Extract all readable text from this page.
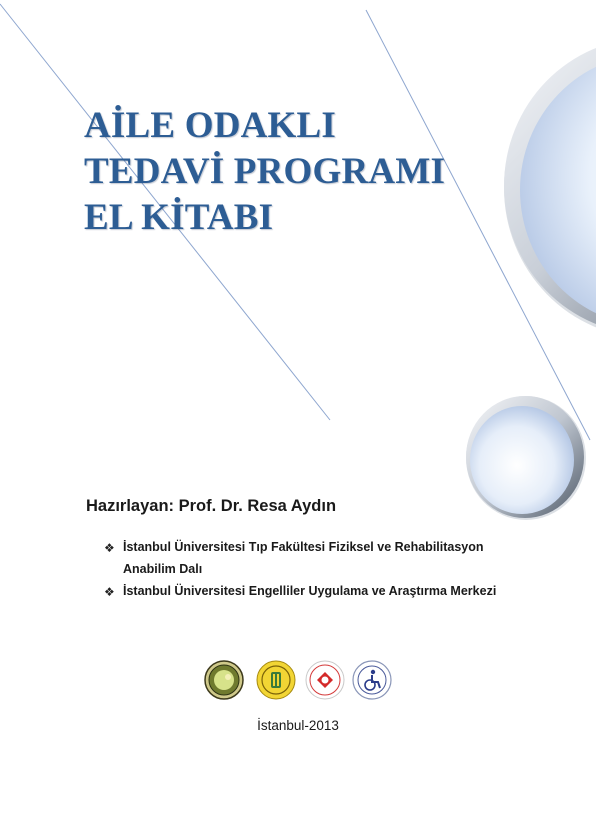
AİLE ODAKLI
TEDAVİ PROGRAMI
EL KİTABI
Hazırlayan: Prof. Dr. Resa Aydın
❖ İstanbul Üniversitesi Tıp Fakültesi Fiziksel ve Rehabilitasyon Anabilim Dalı
❖ İstanbul Üniversitesi Engelliler Uygulama ve Araştırma Merkezi
İstanbul-2013
